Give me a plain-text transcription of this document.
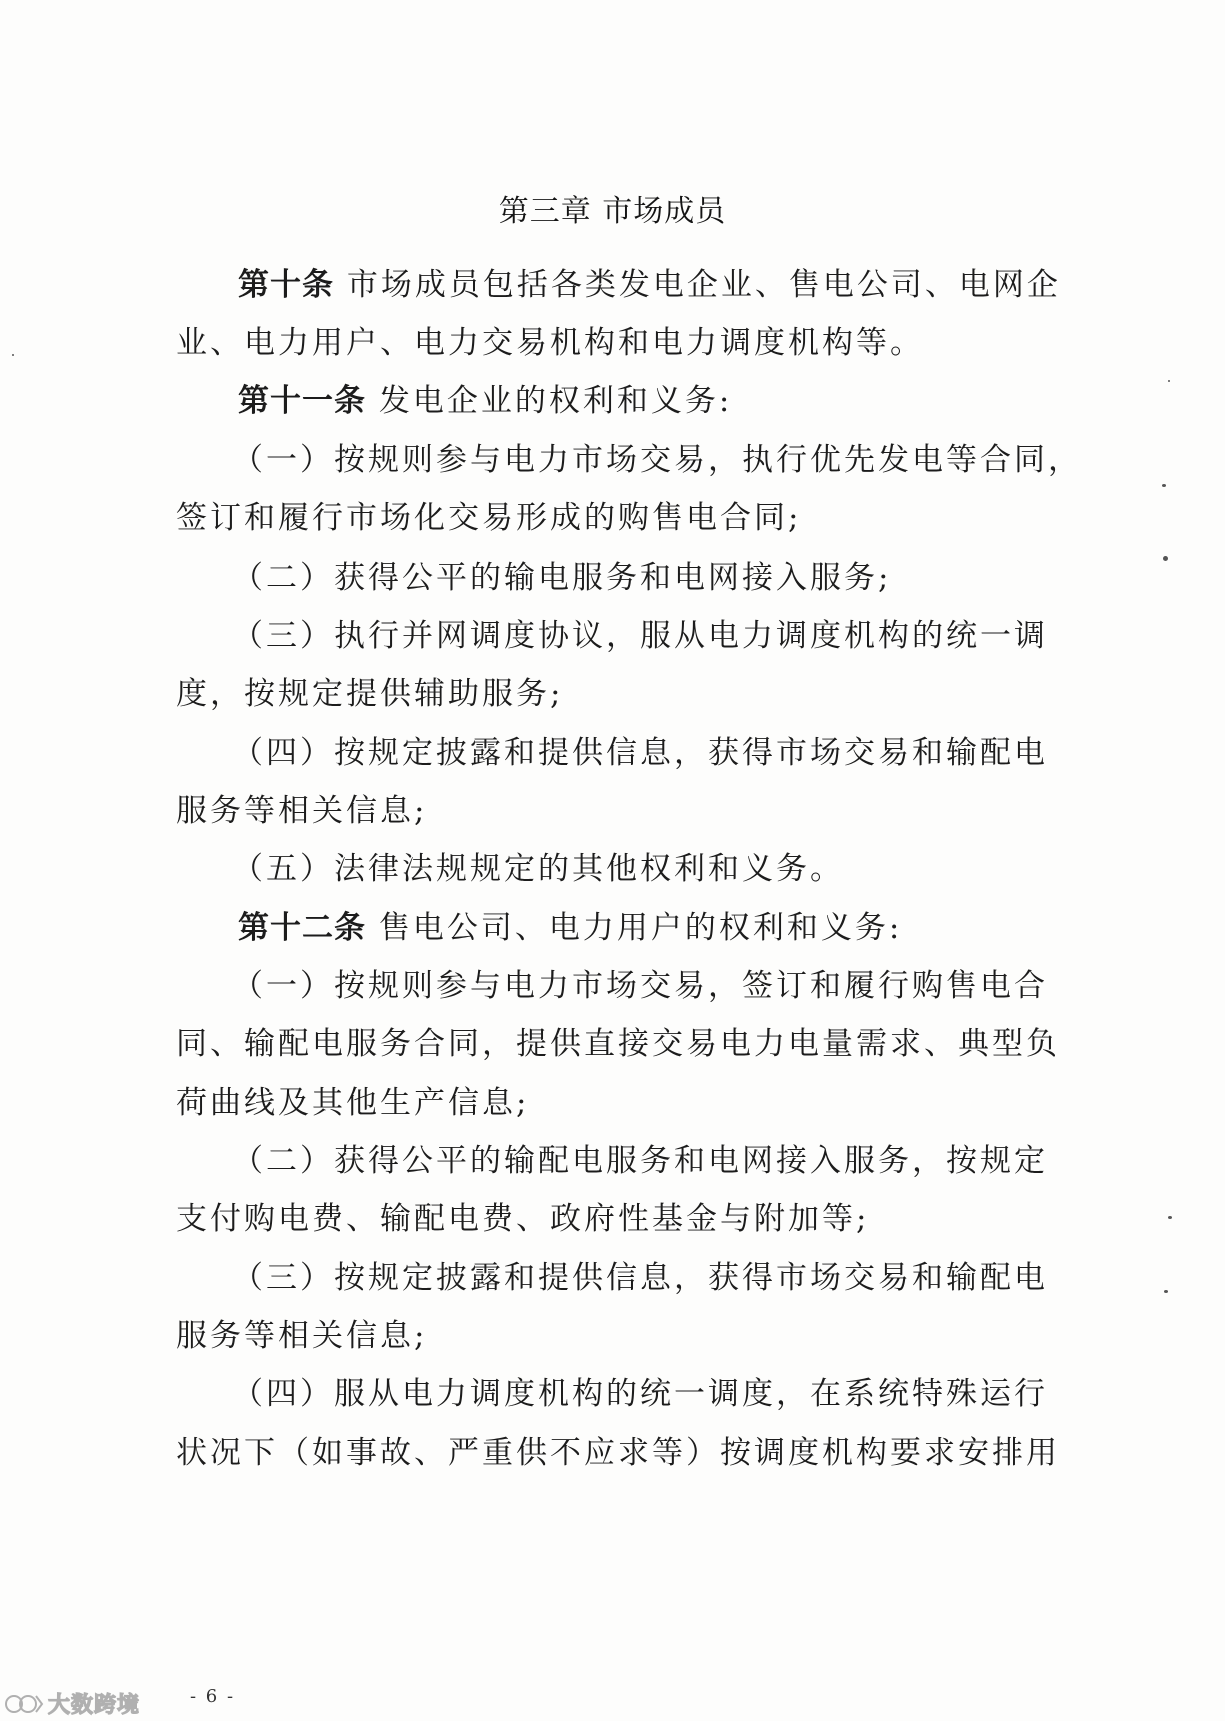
第三章 市场成员
第十条 市场成员包括各类发电企业、售电公司、电网企
业、电力用户、电力交易机构和电力调度机构等。
第十一条 发电企业的权利和义务:
（一）按规则参与电力市场交易，执行优先发电等合同，
签订和履行市场化交易形成的购售电合同;
（二）获得公平的输电服务和电网接入服务;
（三）执行并网调度协议，服从电力调度机构的统一调
度，按规定提供辅助服务;
（四）按规定披露和提供信息，获得市场交易和输配电
服务等相关信息;
（五）法律法规规定的其他权利和义务。
第十二条 售电公司、电力用户的权利和义务:
（一）按规则参与电力市场交易，签订和履行购售电合
同、输配电服务合同，提供直接交易电力电量需求、典型负
荷曲线及其他生产信息;
（二）获得公平的输配电服务和电网接入服务，按规定
支付购电费、输配电费、政府性基金与附加等;
（三）按规定披露和提供信息，获得市场交易和输配电
服务等相关信息;
（四）服从电力调度机构的统一调度，在系统特殊运行
状况下（如事故、严重供不应求等）按调度机构要求安排用
- 6 -
大数跨境
